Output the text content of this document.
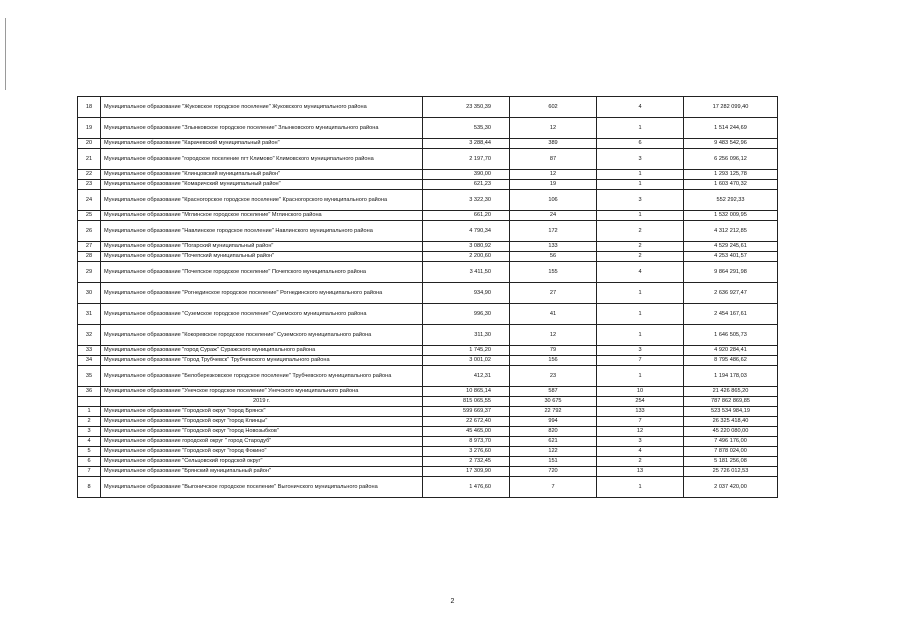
18	Муниципальное образование "Жуковское городское поселение" Жуковского муниципального района	23 350,39	602	4	17 282 099,40
19	Муниципальное образование "Злынковское городское поселение" Злынковского муниципального района	535,30	12	1	1 514 244,69
20	Муниципальное образование "Карачевский муниципальный район"	3 288,44	389	6	9 483 542,96
21	Муниципальное образование "городское поселение пгт Климово" Климовского муниципального района	2 197,70	87	3	6 256 096,12
22	Муниципальное образование "Клинцовский муниципальный район"	390,00	12	1	1 293 125,78
23	Муниципальное образование "Комаричский муниципальный район"	621,23	19	1	1 603 470,32
24	Муниципальное образование "Красногорское городское поселение" Красногорского муниципального района	3 322,30	106	3	552 292,33
25	Муниципальное образование "Мглинское городское поселение" Мглинского района	661,20	24	1	1 532 009,95
26	Муниципальное образование "Навлинское городское поселение" Навлинского муниципального района	4 790,34	172	2	4 312 212,85
27	Муниципальное образование "Погарский муниципальный район"	3 080,92	133	2	4 529 245,61
28	Муниципальное образование "Почепский муниципальный район"	2 200,60	56	2	4 253 401,57
29	Муниципальное образование "Почепское городское поселение" Почепского муниципального района	3 411,50	155	4	9 864 291,98
30	Муниципальное образование "Рогнединское городское поселение" Рогнединского муниципального района	934,90	27	1	2 636 927,47
31	Муниципальное образование "Суземское городское поселение" Суземского муниципального района	996,30	41	1	2 454 167,61
32	Муниципальное образование "Кокоревское городское поселение" Суземского муниципального района	311,30	12	1	1 646 505,73
33	Муниципальное образование "город Сураж" Суражского муниципального района	1 745,20	79	3	4 920 284,41
34	Муниципальное образование "Город Трубчевск" Трубчевского муниципального района	3 001,02	156	7	8 795 486,62
35	Муниципальное образование "Белоберезковское городское поселение" Трубчевского муниципального района	412,31	23	1	1 194 178,03
36	Муниципальное образование "Унечское городское поселение" Унечского муниципального района	10 865,14	587	10	21 426 865,20
	2019 г.	815 065,55	30 675	254	787 862 869,85
1	Муниципальное образование "Городской округ "город Брянск"	599 669,37	22 792	133	523 534 984,19
2	Муниципальное образование "Городской округ "город Клинцы"	22 672,40	994	7	26 325 418,40
3	Муниципальное образование "Городской округ "город Новозыбков"	45 465,00	820	12	45 220 080,00
4	Муниципальное образование городской округ " город Стародуб"	8 973,70	621	3	7 496 176,00
5	Муниципальное образование "Городской округ "город Фокино"	3 276,60	122	4	7 878 024,00
6	Муниципальное образование "Сельцовский городской округ"	2 732,45	151	2	5 181 256,08
7	Муниципальное образование "Брянский муниципальный район"	17 309,90	720	13	25 726 012,53
8	Муниципальное образование "Выгоничское городское поселение" Выгоничского муниципального района	1 476,60	7	1	2 037 420,00
2
